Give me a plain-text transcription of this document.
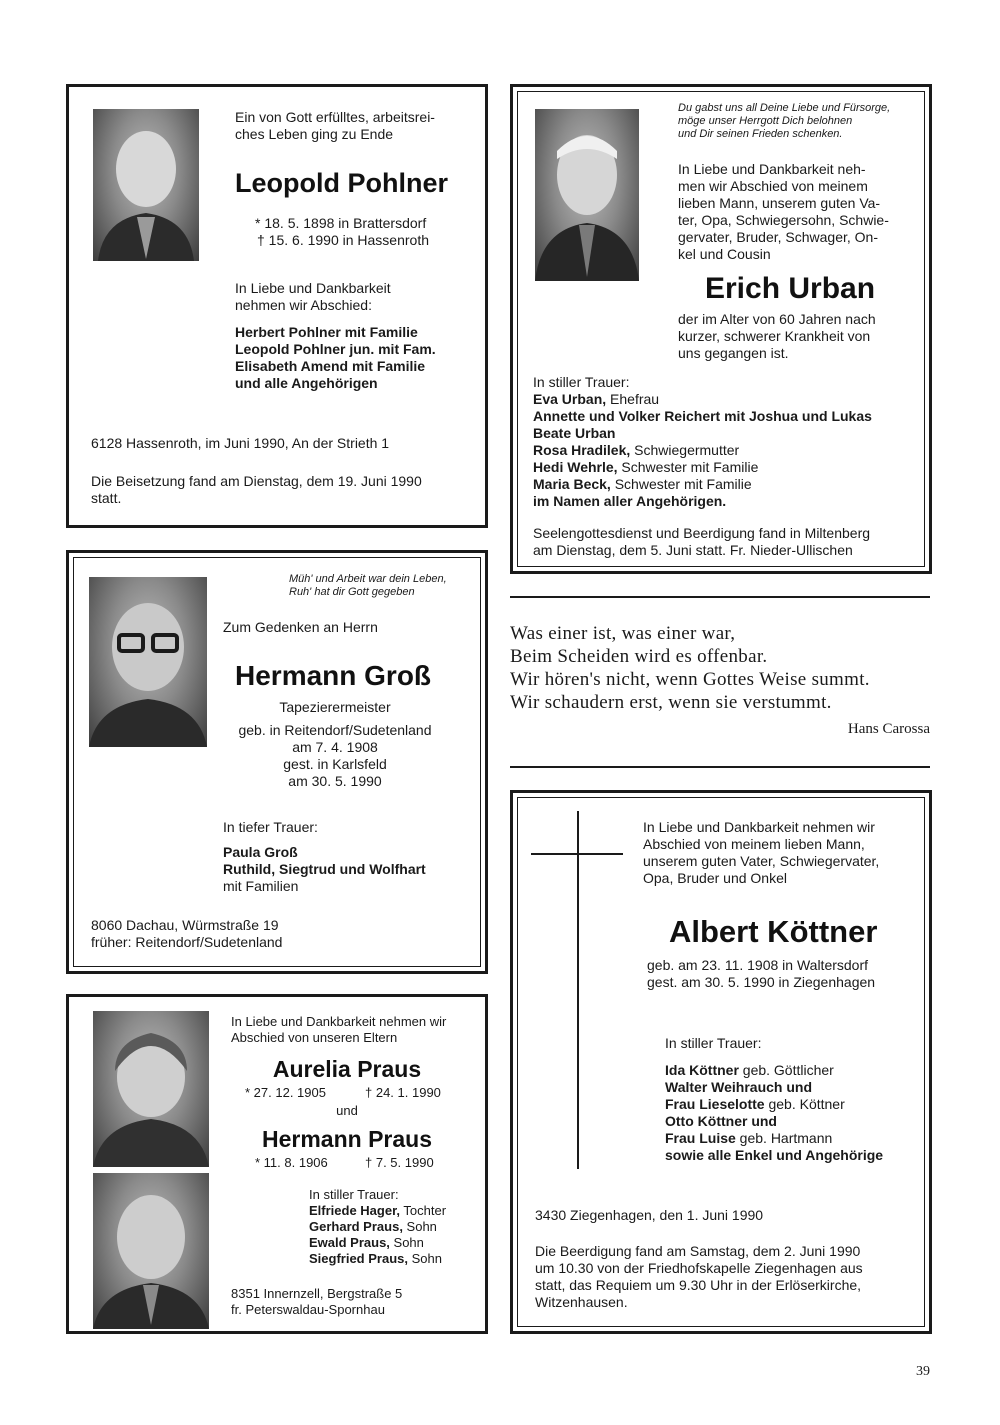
Ein von Gott erfülltes, arbeitsrei-

ches Leben ging zu Ende

Leopold Pohlner

* 18. 5. 1898 in Brattersdorf

† 15. 6. 1990 in Hassenroth

In Liebe und Dankbarkeit

nehmen wir Abschied:

Herbert Pohlner mit Familie

Leopold Pohlner jun. mit Fam.

Elisabeth Amend mit Familie

und alle Angehörigen

6128 Hassenroth, im Juni 1990, An der Strieth 1

Die Beisetzung fand am Dienstag, dem 19. Juni 1990

statt.

Du gabst uns all Deine Liebe und Fürsorge,

möge unser Herrgott Dich belohnen

und Dir seinen Frieden schenken.

In Liebe und Dankbarkeit neh-

men wir Abschied von meinem

lieben Mann, unserem guten Va-

ter, Opa, Schwiegersohn, Schwie-

gervater, Bruder, Schwager, On-

kel und Cousin

Erich Urban

der im Alter von 60 Jahren nach

kurzer, schwerer Krankheit von

uns gegangen ist.

In stiller Trauer:

Eva Urban, Ehefrau

Annette und Volker Reichert mit Joshua und Lukas

Beate Urban

Rosa Hradilek, Schwiegermutter

Hedi Wehrle, Schwester mit Familie

Maria Beck, Schwester mit Familie

im Namen aller Angehörigen.

Seelengottesdienst und Beerdigung fand in Miltenberg

am Dienstag, dem 5. Juni statt. Fr. Nieder-Ullischen

Müh' und Arbeit war dein Leben,

Ruh' hat dir Gott gegeben

Zum Gedenken an Herrn
Hermann Groß

Tapezierermeister

geb. in Reitendorf/Sudetenland

am 7. 4. 1908

gest. in Karlsfeld

am 30. 5. 1990

In tiefer Trauer:

Paula Groß

Ruthild, Siegtrud und Wolfhart

mit Familien

8060 Dachau, Würmstraße 19

früher: Reitendorf/Sudetenland

In Liebe und Dankbarkeit nehmen wir

Abschied von unseren Eltern

Aurelia Praus
* 27. 12. 1905	† 24. 1. 1990
und
Hermann Praus
* 11. 8. 1906	† 7. 5. 1990

In stiller Trauer:

Elfriede Hager, Tochter

Gerhard Praus, Sohn

Ewald Praus, Sohn

Siegfried Praus, Sohn

8351 Innernzell, Bergstraße 5

fr. Peterswaldau-Spornhau

Was einer ist, was einer war,

Beim Scheiden wird es offenbar.

Wir hören's nicht, wenn Gottes Weise summt.

Wir schaudern erst, wenn sie verstummt.

Hans Carossa

In Liebe und Dankbarkeit nehmen wir

Abschied von meinem lieben Mann,

unserem guten Vater, Schwiegervater,

Opa, Bruder und Onkel

Albert Köttner

geb. am 23. 11. 1908 in Waltersdorf

gest. am 30. 5. 1990 in Ziegenhagen

In stiller Trauer:

Ida Köttner geb. Göttlicher

Walter Weihrauch und

Frau Lieselotte geb. Köttner

Otto Köttner und

Frau Luise geb. Hartmann

sowie alle Enkel und Angehörige

3430 Ziegenhagen, den 1. Juni 1990

Die Beerdigung fand am Samstag, dem 2. Juni 1990

um 10.30 von der Friedhofskapelle Ziegenhagen aus

statt, das Requiem um 9.30 Uhr in der Erlöserkirche,

Witzenhausen.

39
